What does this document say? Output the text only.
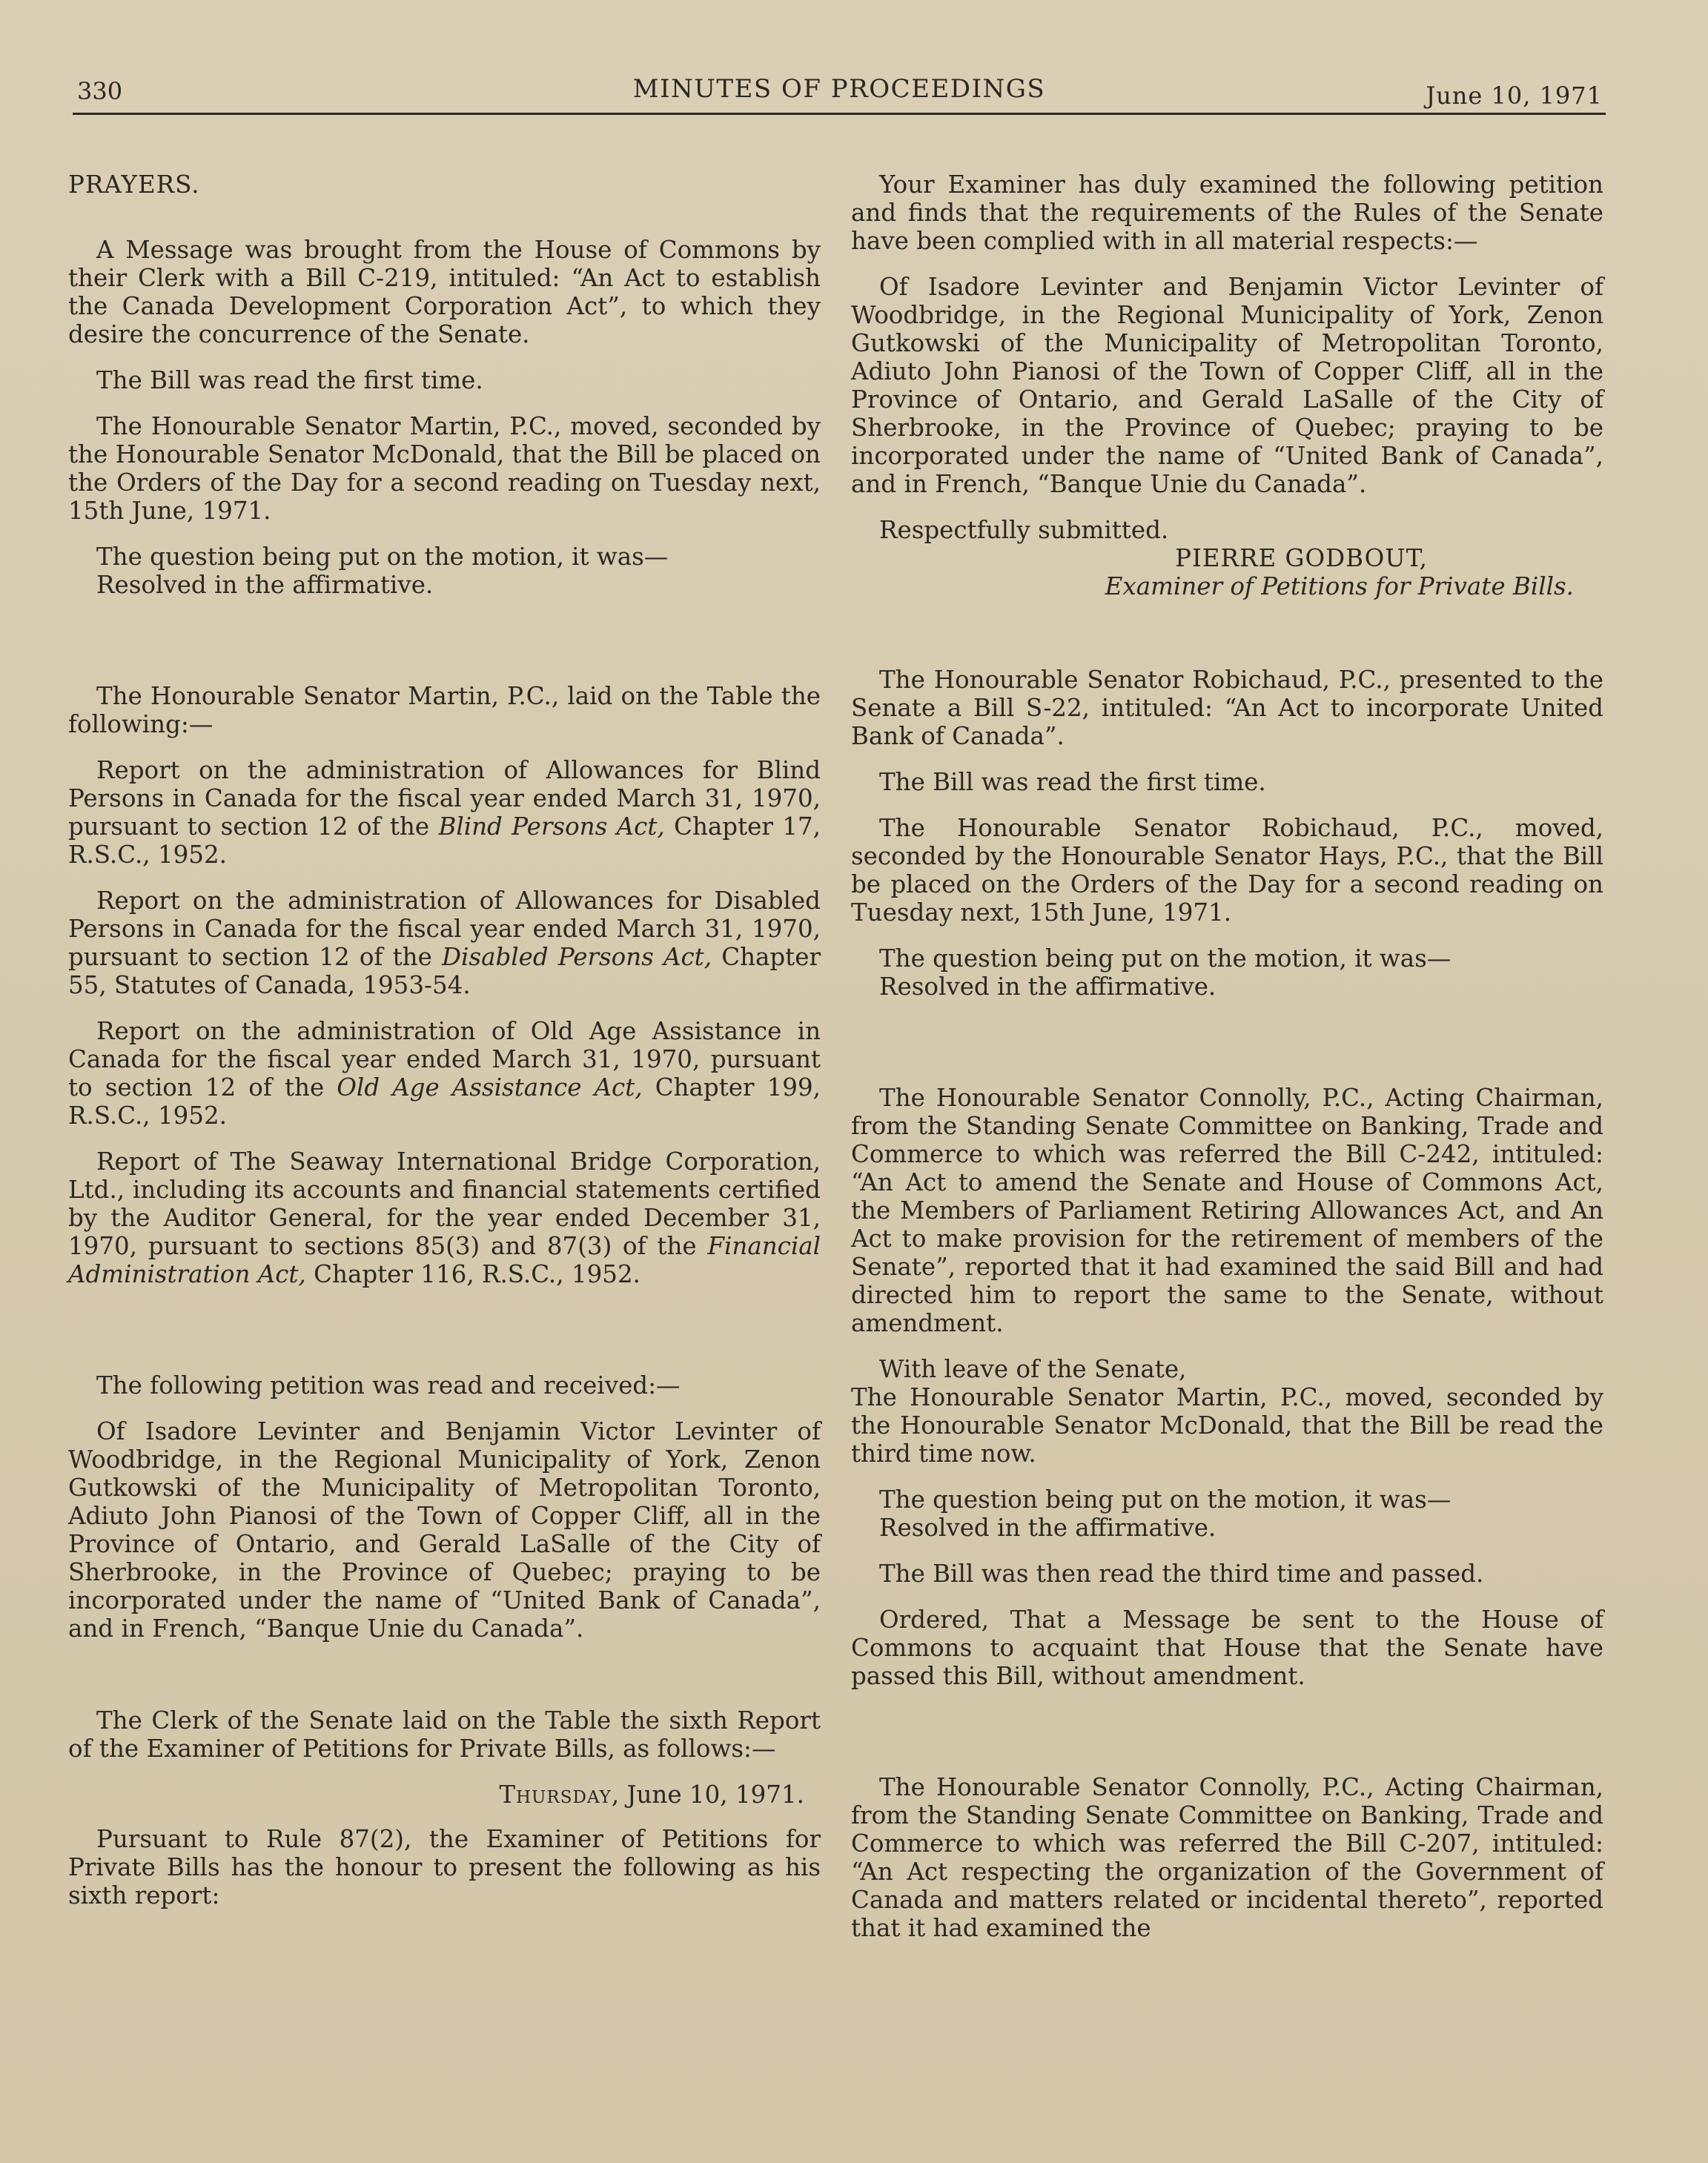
330	MINUTES OF PROCEEDINGS	June 10, 1971

PRAYERS.

A Message was brought from the House of Commons by their Clerk with a Bill C-219, intituled: “An Act to establish the Canada Development Corporation Act”, to which they desire the concurrence of the Senate.

The Bill was read the first time.

The Honourable Senator Martin, P.C., moved, seconded by the Honourable Senator McDonald, that the Bill be placed on the Orders of the Day for a second reading on Tuesday next, 15th June, 1971.

The question being put on the motion, it was—

Resolved in the affirmative.

The Honourable Senator Martin, P.C., laid on the Table the following:—

Report on the administration of Allowances for Blind Persons in Canada for the fiscal year ended March 31, 1970, pursuant to section 12 of the Blind Persons Act, Chapter 17, R.S.C., 1952.

Report on the administration of Allowances for Disabled Persons in Canada for the fiscal year ended March 31, 1970, pursuant to section 12 of the Disabled Persons Act, Chapter 55, Statutes of Canada, 1953-54.

Report on the administration of Old Age Assistance in Canada for the fiscal year ended March 31, 1970, pursuant to section 12 of the Old Age Assistance Act, Chapter 199, R.S.C., 1952.

Report of The Seaway International Bridge Corporation, Ltd., including its accounts and financial statements certified by the Auditor General, for the year ended December 31, 1970, pursuant to sections 85(3) and 87(3) of the Financial Administration Act, Chapter 116, R.S.C., 1952.

The following petition was read and received:—

Of Isadore Levinter and Benjamin Victor Levinter of Woodbridge, in the Regional Municipality of York, Zenon Gutkowski of the Municipality of Metropolitan Toronto, Adiuto John Pianosi of the Town of Copper Cliff, all in the Province of Ontario, and Gerald LaSalle of the City of Sherbrooke, in the Province of Quebec; praying to be incorporated under the name of “United Bank of Canada”, and in French, “Banque Unie du Canada”.

The Clerk of the Senate laid on the Table the sixth Report of the Examiner of Petitions for Private Bills, as follows:—

Thursday, June 10, 1971.

Pursuant to Rule 87(2), the Examiner of Petitions for Private Bills has the honour to present the following as his sixth report:

Your Examiner has duly examined the following petition and finds that the requirements of the Rules of the Senate have been complied with in all material respects:—

Of Isadore Levinter and Benjamin Victor Levinter of Woodbridge, in the Regional Municipality of York, Zenon Gutkowski of the Municipality of Metropolitan Toronto, Adiuto John Pianosi of the Town of Copper Cliff, all in the Province of Ontario, and Gerald LaSalle of the City of Sherbrooke, in the Province of Quebec; praying to be incorporated under the name of “United Bank of Canada”, and in French, “Banque Unie du Canada”.

Respectfully submitted.

PIERRE GODBOUT,

Examiner of Petitions for Private Bills.

The Honourable Senator Robichaud, P.C., presented to the Senate a Bill S-22, intituled: “An Act to incorporate United Bank of Canada”.

The Bill was read the first time.

The Honourable Senator Robichaud, P.C., moved, seconded by the Honourable Senator Hays, P.C., that the Bill be placed on the Orders of the Day for a second reading on Tuesday next, 15th June, 1971.

The question being put on the motion, it was—

Resolved in the affirmative.

The Honourable Senator Connolly, P.C., Acting Chairman, from the Standing Senate Committee on Banking, Trade and Commerce to which was referred the Bill C-242, intituled: “An Act to amend the Senate and House of Commons Act, the Members of Parliament Retiring Allowances Act, and An Act to make provision for the retirement of members of the Senate”, reported that it had examined the said Bill and had directed him to report the same to the Senate, without amendment.

With leave of the Senate,

The Honourable Senator Martin, P.C., moved, seconded by the Honourable Senator McDonald, that the Bill be read the third time now.

The question being put on the motion, it was—

Resolved in the affirmative.

The Bill was then read the third time and passed.

Ordered, That a Message be sent to the House of Commons to acquaint that House that the Senate have passed this Bill, without amendment.

The Honourable Senator Connolly, P.C., Acting Chairman, from the Standing Senate Committee on Banking, Trade and Commerce to which was referred the Bill C-207, intituled: “An Act respecting the organization of the Government of Canada and matters related or incidental thereto”, reported that it had examined the
